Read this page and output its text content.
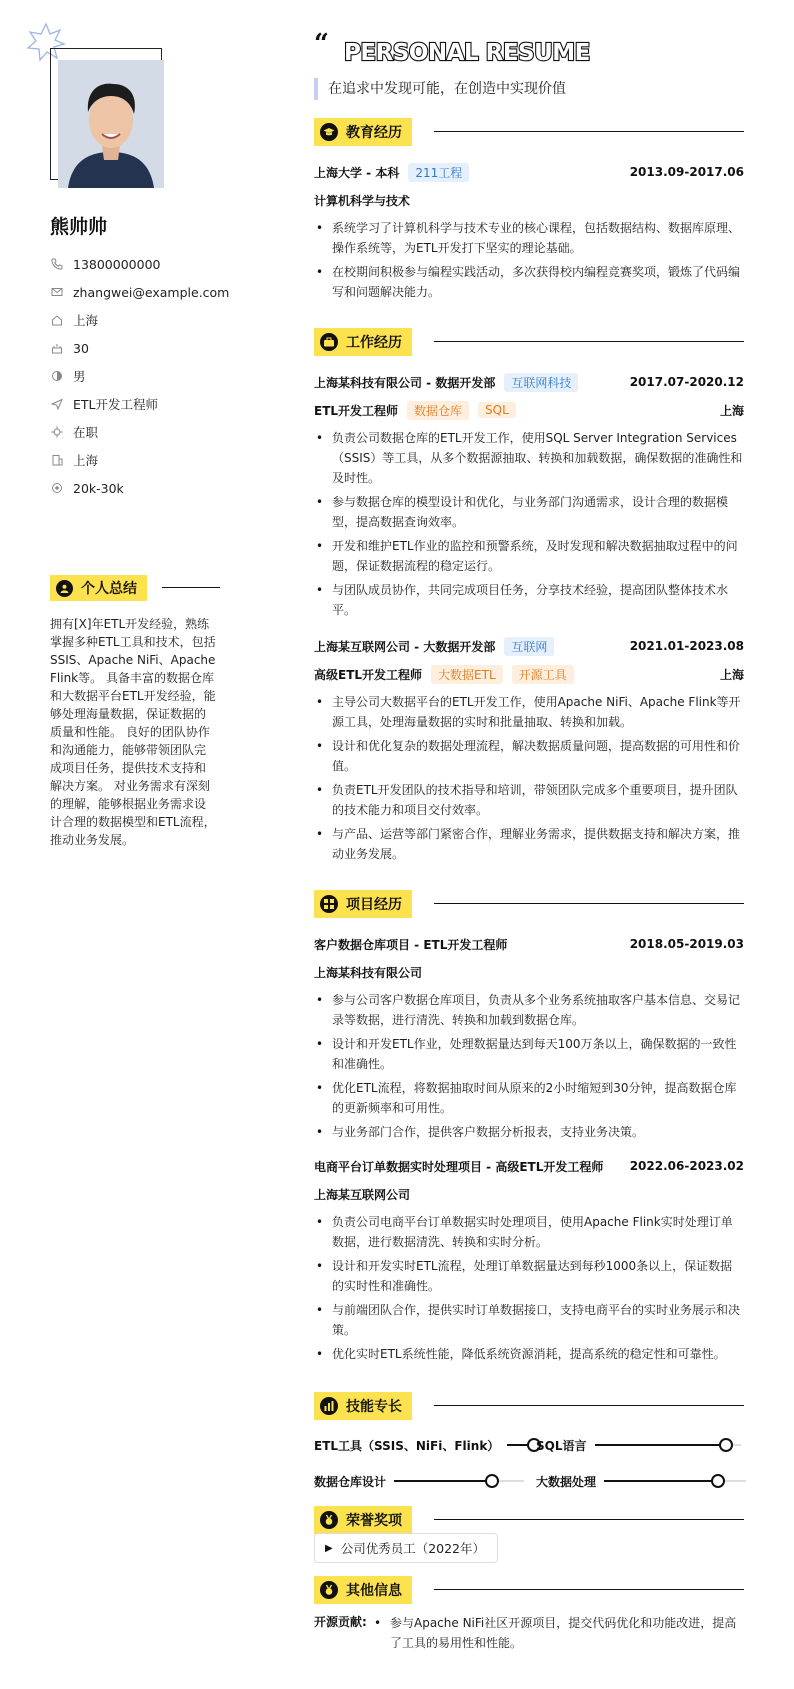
熊帅帅
13800000000
zhangwei@example.com
上海
30
男
ETL开发工程师
在职
上海
20k-30k
个人总结
拥有[X]年ETL开发经验，熟练掌握多种ETL工具和技术，包括SSIS、Apache NiFi、Apache Flink等。 具备丰富的数据仓库和大数据平台ETL开发经验，能够处理海量数据，保证数据的质量和性能。 良好的团队协作和沟通能力，能够带领团队完成项目任务，提供技术支持和解决方案。 对业务需求有深刻的理解，能够根据业务需求设计合理的数据模型和ETL流程，推动业务发展。
“ PERSONAL RESUME
在追求中发现可能，在创造中实现价值
教育经历
上海大学 - 本科	211工程	2013.09-2017.06
计算机科学与技术
• 系统学习了计算机科学与技术专业的核心课程，包括数据结构、数据库原理、操作系统等，为ETL开发打下坚实的理论基础。
• 在校期间积极参与编程实践活动，多次获得校内编程竞赛奖项，锻炼了代码编写和问题解决能力。
工作经历
上海某科技有限公司 - 数据开发部	互联网科技	2017.07-2020.12
ETL开发工程师	数据仓库	SQL	上海
• 负责公司数据仓库的ETL开发工作，使用SQL Server Integration Services（SSIS）等工具，从多个数据源抽取、转换和加载数据，确保数据的准确性和及时性。
• 参与数据仓库的模型设计和优化，与业务部门沟通需求，设计合理的数据模型，提高数据查询效率。
• 开发和维护ETL作业的监控和预警系统，及时发现和解决数据抽取过程中的问题，保证数据流程的稳定运行。
• 与团队成员协作，共同完成项目任务，分享技术经验，提高团队整体技术水平。
上海某互联网公司 - 大数据开发部	互联网	2021.01-2023.08
高级ETL开发工程师	大数据ETL	开源工具	上海
• 主导公司大数据平台的ETL开发工作，使用Apache NiFi、Apache Flink等开源工具，处理海量数据的实时和批量抽取、转换和加载。
• 设计和优化复杂的数据处理流程，解决数据质量问题，提高数据的可用性和价值。
• 负责ETL开发团队的技术指导和培训，带领团队完成多个重要项目，提升团队的技术能力和项目交付效率。
• 与产品、运营等部门紧密合作，理解业务需求，提供数据支持和解决方案，推动业务发展。
项目经历
客户数据仓库项目 - ETL开发工程师	2018.05-2019.03
上海某科技有限公司
• 参与公司客户数据仓库项目，负责从多个业务系统抽取客户基本信息、交易记录等数据，进行清洗、转换和加载到数据仓库。
• 设计和开发ETL作业，处理数据量达到每天100万条以上，确保数据的一致性和准确性。
• 优化ETL流程，将数据抽取时间从原来的2小时缩短到30分钟，提高数据仓库的更新频率和可用性。
• 与业务部门合作，提供客户数据分析报表，支持业务决策。
电商平台订单数据实时处理项目 - 高级ETL开发工程师 2022.06-2023.02
上海某互联网公司
• 负责公司电商平台订单数据实时处理项目，使用Apache Flink实时处理订单数据，进行数据清洗、转换和实时分析。
• 设计和开发实时ETL流程，处理订单数据量达到每秒1000条以上，保证数据的实时性和准确性。
• 与前端团队合作，提供实时订单数据接口，支持电商平台的实时业务展示和决策。
• 优化实时ETL系统性能，降低系统资源消耗，提高系统的稳定性和可靠性。
技能专长
ETL工具（SSIS、NiFi、Flink）	SQL语言
数据仓库设计	大数据处理
荣誉奖项
▶ 公司优秀员工（2022年）
其他信息
开源贡献:
•	参与Apache NiFi社区开源项目，提交代码优化和功能改进，提高了工具的易用性和性能。
